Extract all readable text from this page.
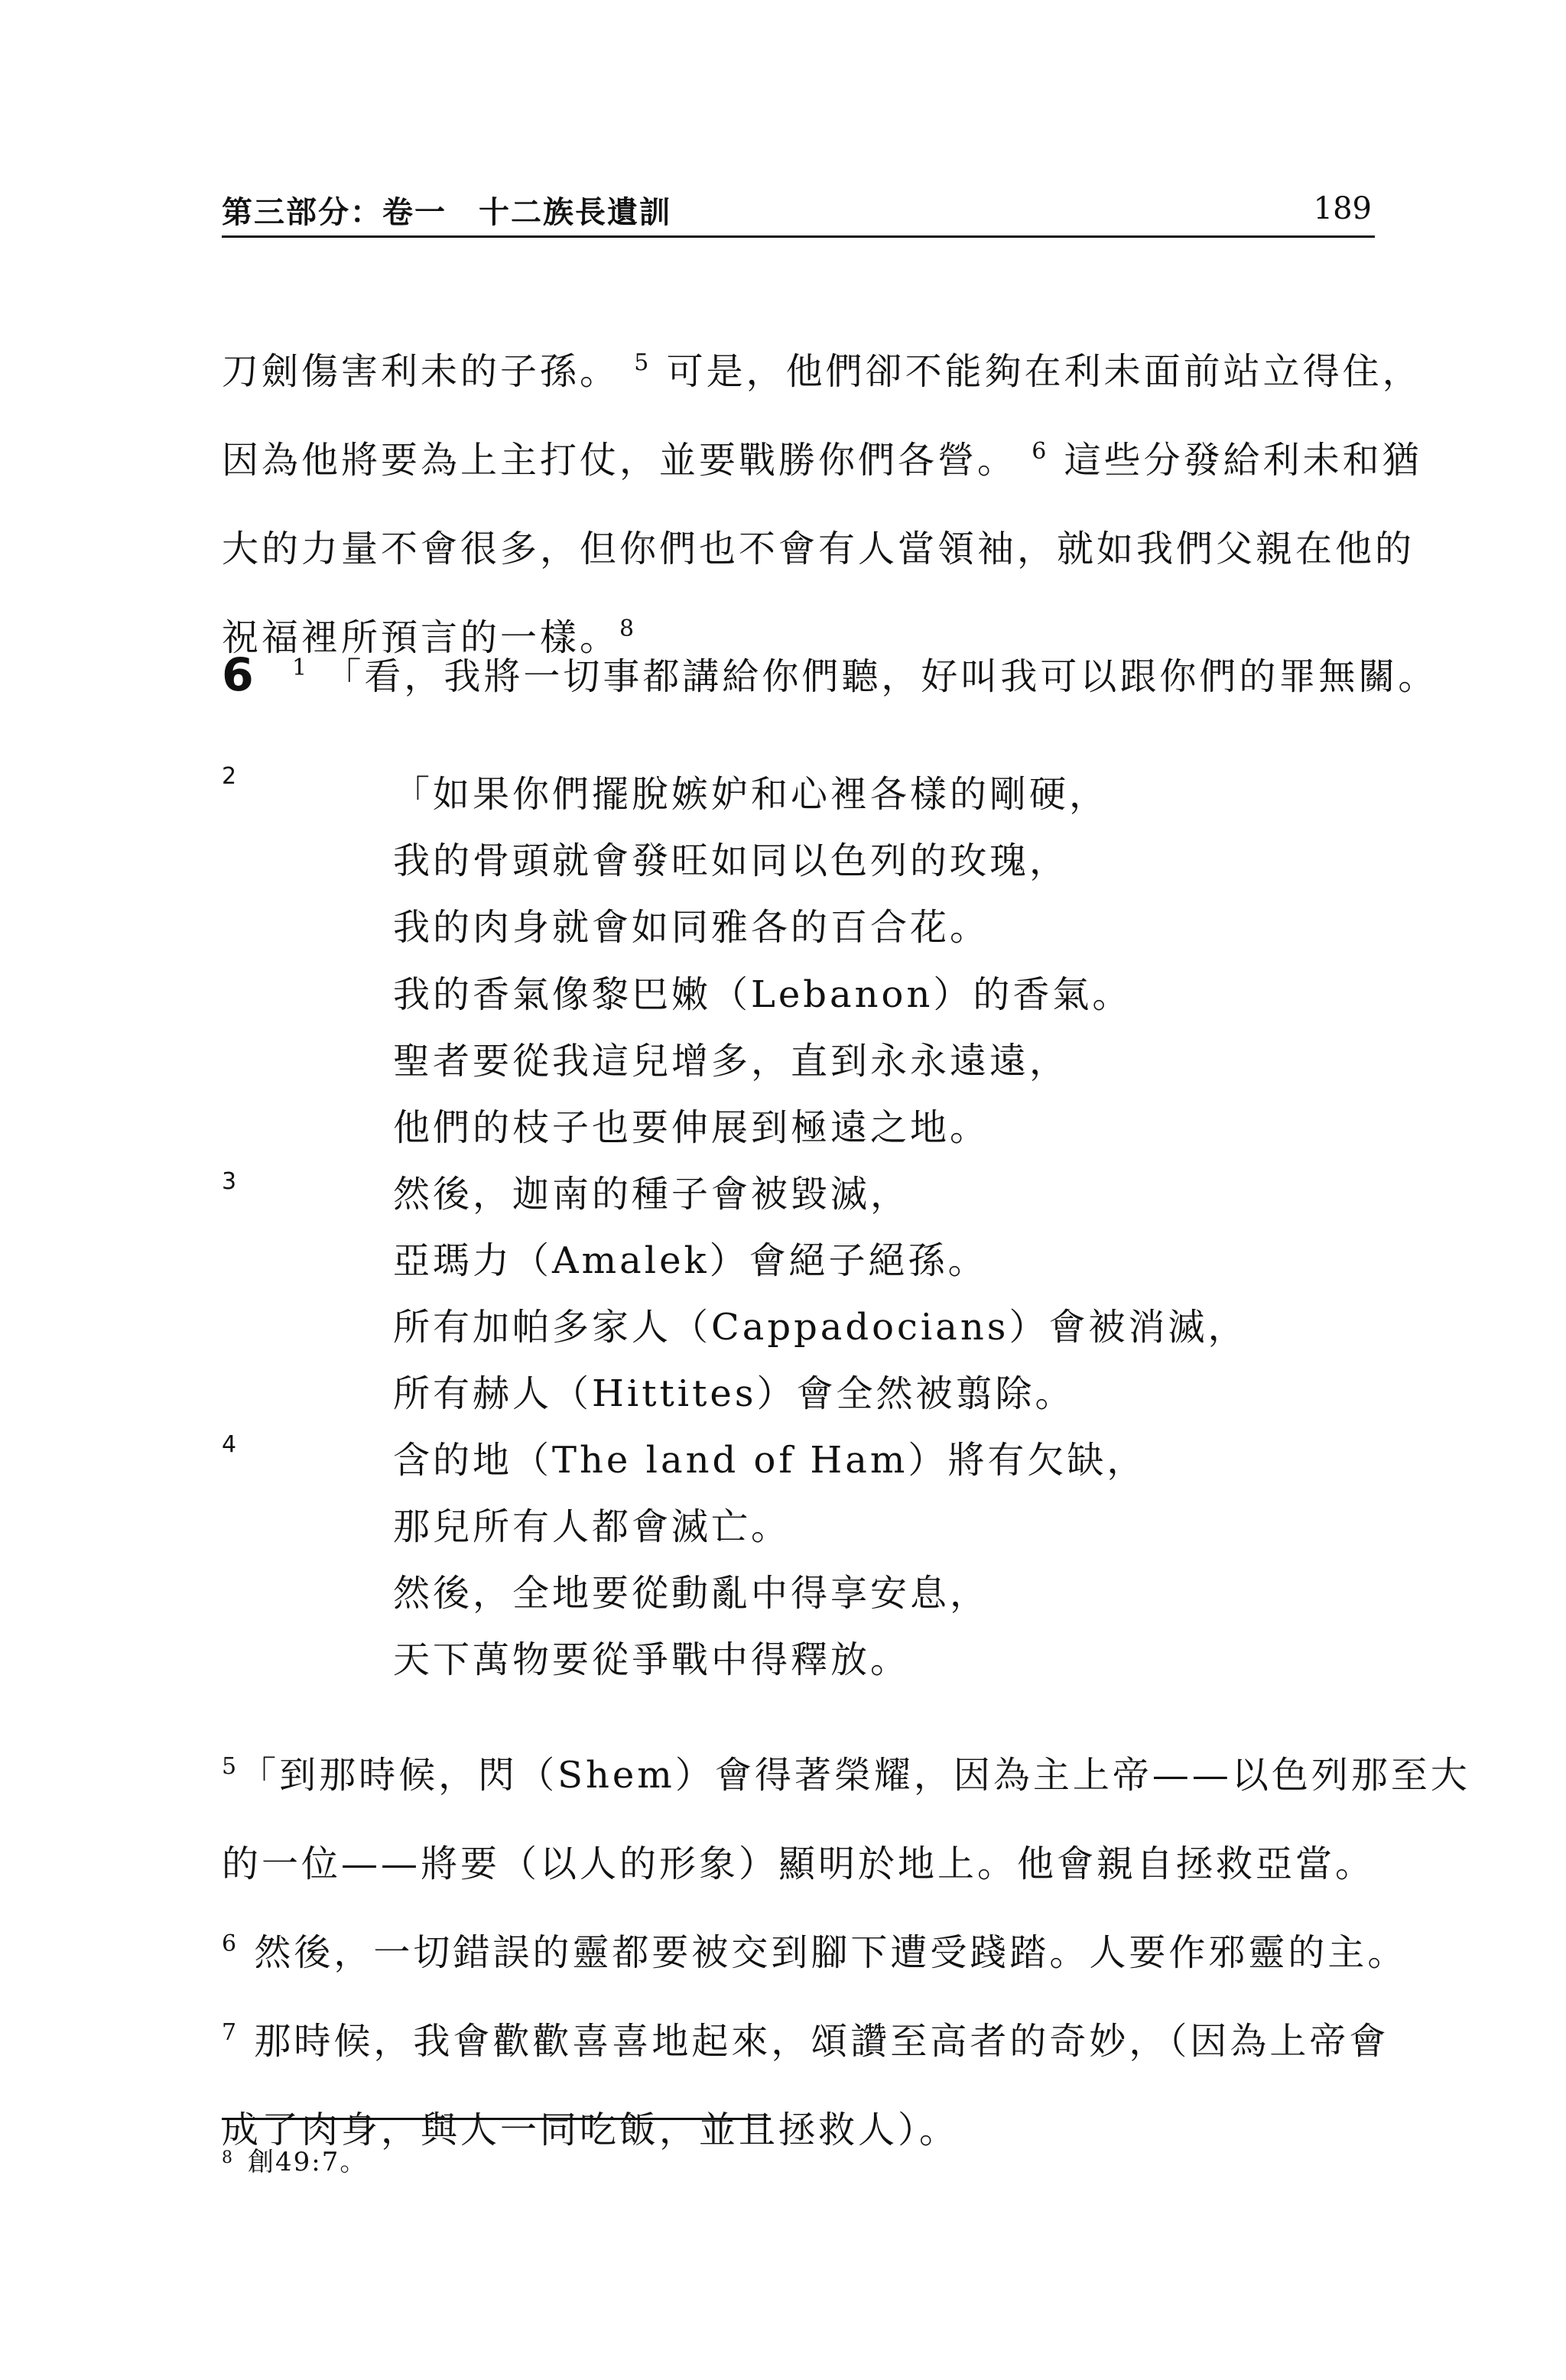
第三部分：卷一　十二族長遺訓	189
刀劍傷害利未的子孫。 $^5$ 可是，他們卻不能夠在利未面前站立得住，
因為他將要為上主打仗，並要戰勝你們各營。 $^6$ 這些分發給利未和猶
大的力量不會很多，但你們也不會有人當領袖，就如我們父親在他的
祝福裡所預言的一樣。$^8$
6 $^1$ 「看，我將一切事都講給你們聽，好叫我可以跟你們的罪無關。
2
3
4
「如果你們擺脫嫉妒和心裡各樣的剛硬，
我的骨頭就會發旺如同以色列的玫瑰，
我的肉身就會如同雅各的百合花。
我的香氣像黎巴嫩（Lebanon）的香氣。
聖者要從我這兒增多，直到永永遠遠，
他們的枝子也要伸展到極遠之地。
然後，迦南的種子會被毀滅，
亞瑪力（Amalek）會絕子絕孫。
所有加帕多家人（Cappadocians）會被消滅，
所有赫人（Hittites）會全然被翦除。
含的地（The land of Ham）將有欠缺，
那兒所有人都會滅亡。
然後，全地要從動亂中得享安息，
天下萬物要從爭戰中得釋放。
$^5$「到那時候，閃（Shem）會得著榮耀，因為主上帝——以色列那至大
的一位——將要（以人的形象）顯明於地上。他會親自拯救亞當。
$^6$ 然後，一切錯誤的靈都要被交到腳下遭受踐踏。人要作邪靈的主。
$^7$ 那時候，我會歡歡喜喜地起來，頌讚至高者的奇妙，（因為上帝會
成了肉身，與人一同吃飯，並且拯救人）。
$^8$ 創49:7。
